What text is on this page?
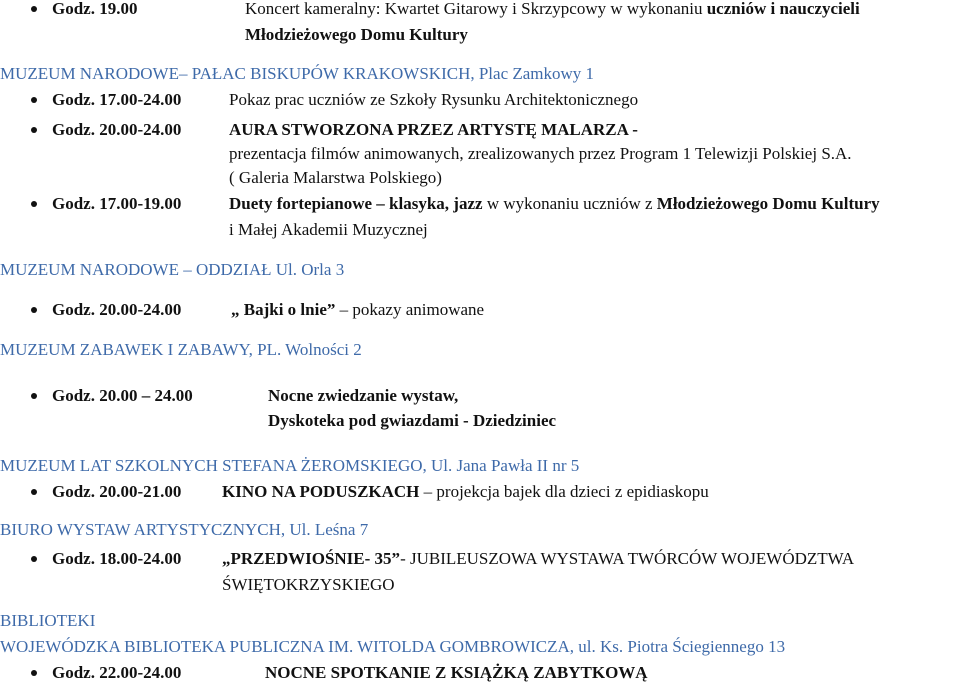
Godz. 19.00	Koncert kameralny: Kwartet Gitarowy i Skrzypcowy w wykonaniu uczniów i nauczycieli
Młodzieżowego Domu Kultury
MUZEUM NARODOWE– PAŁAC BISKUPÓW KRAKOWSKICH, Plac Zamkowy 1
Godz. 17.00-24.00	Pokaz prac uczniów ze Szkoły Rysunku Architektonicznego
Godz. 20.00-24.00	AURA STWORZONA PRZEZ ARTYSTĘ MALARZA -
prezentacja filmów animowanych, zrealizowanych przez Program 1 Telewizji Polskiej S.A.
( Galeria Malarstwa Polskiego)
Godz. 17.00-19.00	Duety fortepianowe – klasyka, jazz w wykonaniu uczniów z Młodzieżowego Domu Kultury
i Małej Akademii Muzycznej
MUZEUM NARODOWE – ODDZIAŁ Ul. Orla 3
Godz. 20.00-24.00	„ Bajki o lnie” – pokazy animowane
MUZEUM ZABAWEK I ZABAWY, PL. Wolności 2
Godz. 20.00 – 24.00	Nocne zwiedzanie wystaw,
Dyskoteka pod gwiazdami - Dziedziniec
MUZEUM LAT SZKOLNYCH STEFANA ŻEROMSKIEGO, Ul. Jana Pawła II nr 5
Godz. 20.00-21.00 KINO NA PODUSZKACH – projekcja bajek dla dzieci z epidiaskopu
BIURO WYSTAW ARTYSTYCZNYCH, Ul. Leśna 7
Godz. 18.00-24.00 „PRZEDWIOŚNIE- 35”- JUBILEUSZOWA WYSTAWA TWÓRCÓW WOJEWÓDZTWA
ŚWIĘTOKRZYSKIEGO
BIBLIOTEKI
WOJEWÓDZKA BIBLIOTEKA PUBLICZNA IM. WITOLDA GOMBROWICZA, ul. Ks. Piotra Ściegiennego 13
Godz. 22.00-24.00	NOCNE SPOTKANIE Z KSIĄŻKĄ ZABYTKOWĄ
